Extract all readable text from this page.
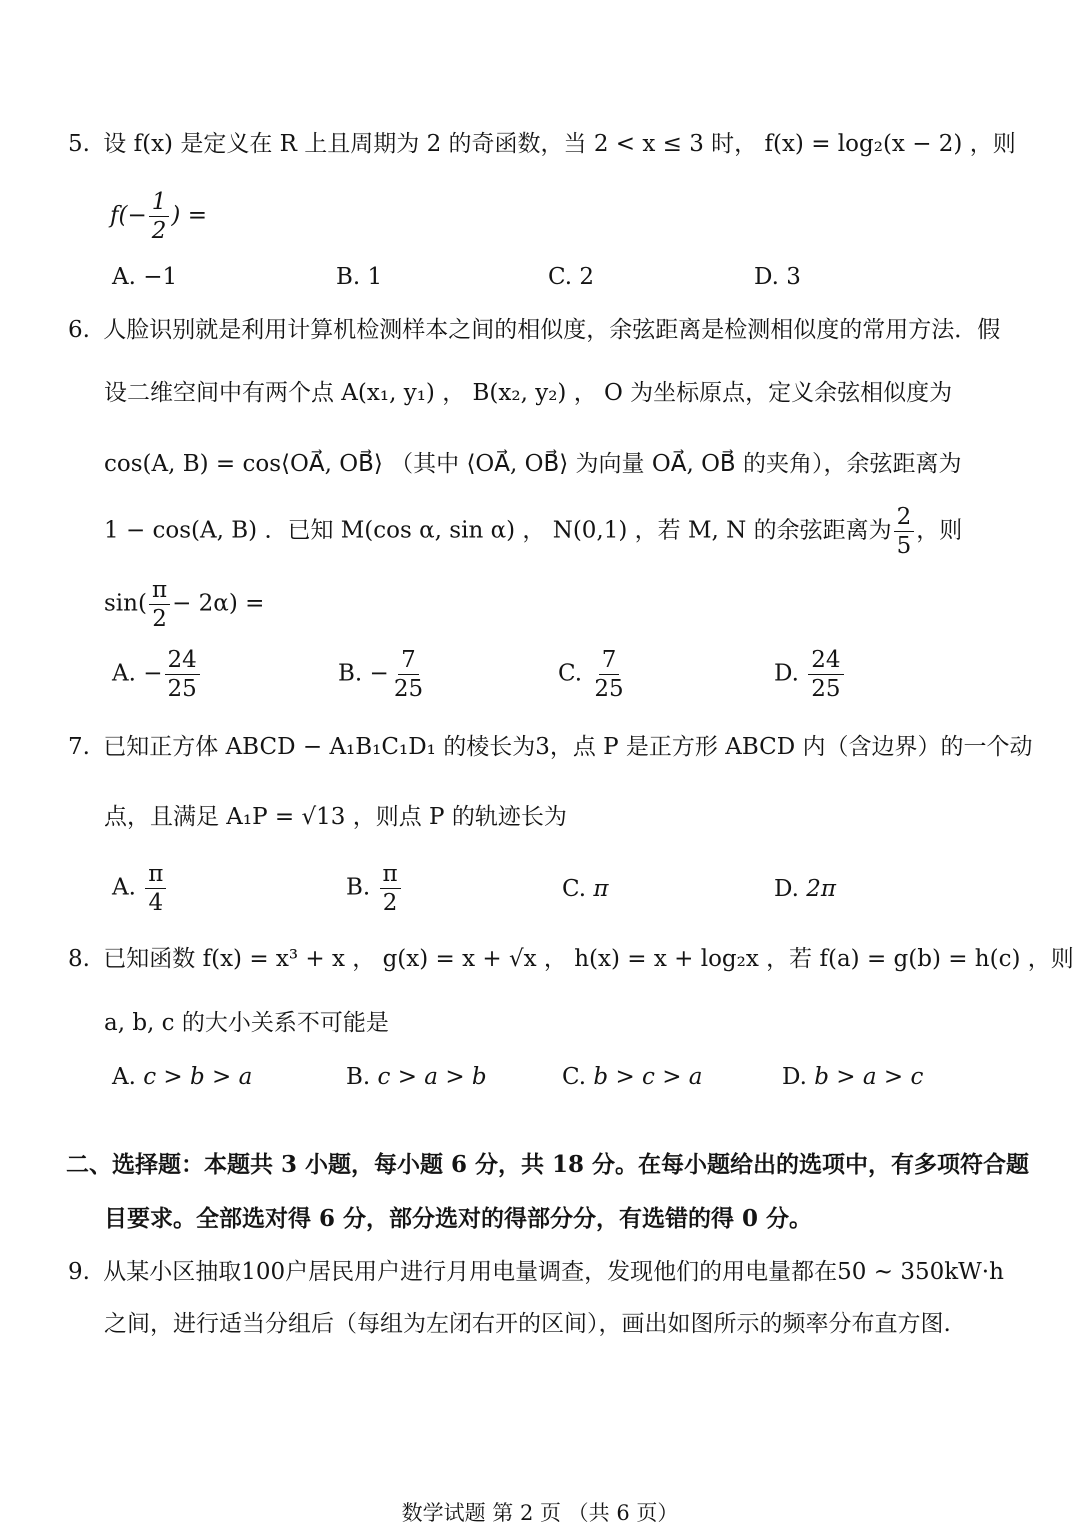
5. 设 f(x) 是定义在 R 上且周期为 2 的奇函数，当 2 < x ≤ 3 时， f(x) = log₂(x − 2) ，则
$f(- \frac{1}{2}$ ) =
A. −1	B. 1	C. 2	D. 3
6. 人脸识别就是利用计算机检测样本之间的相似度，余弦距离是检测相似度的常用方法．假
设二维空间中有两个点 A(x₁, y₁) ， B(x₂, y₂) ， O 为坐标原点，定义余弦相似度为
cos(A, B) = cos⟨OA⃗, OB⃗⟩ （其中 ⟨OA⃗, OB⃗⟩ 为向量 OA⃗, OB⃗ 的夹角），余弦距离为
1 − cos(A, B) ．已知 M(cos α, sin α) ， N(0,1) ，若 M, N 的余弦距离为 $\frac{2}{5}$ ，则
$\sin( \frac{\pi}{2} - 2\alpha)$ =
A. − $\frac{24}{25}$	B. − $\frac{7}{25}$	C. $\frac{7}{25}$	D. $\frac{24}{25}$
7. 已知正方体 ABCD − A₁B₁C₁D₁ 的棱长为3，点 P 是正方形 ABCD 内（含边界）的一个动
点，且满足 A₁P = √13 ，则点 P 的轨迹长为
A. $\frac{\pi}{4}$	B. $\frac{\pi}{2}$	C. π	D. 2π
8. 已知函数 f(x) = x³ + x ， g(x) = x + √x ， h(x) = x + log₂x ，若 f(a) = g(b) = h(c) ，则
a, b, c 的大小关系不可能是
A. c > b > a	B. c > a > b	C. b > c > a	D. b > a > c
二、选择题：本题共 3 小题，每小题 6 分，共 18 分。在每小题给出的选项中，有多项符合题
目要求。全部选对得 6 分，部分选对的得部分分，有选错的得 0 分。
9. 从某小区抽取100户居民用户进行月用电量调查，发现他们的用电量都在50 ~ 350kW·h
之间，进行适当分组后（每组为左闭右开的区间），画出如图所示的频率分布直方图.
数学试题 第 2 页 （共 6 页）
